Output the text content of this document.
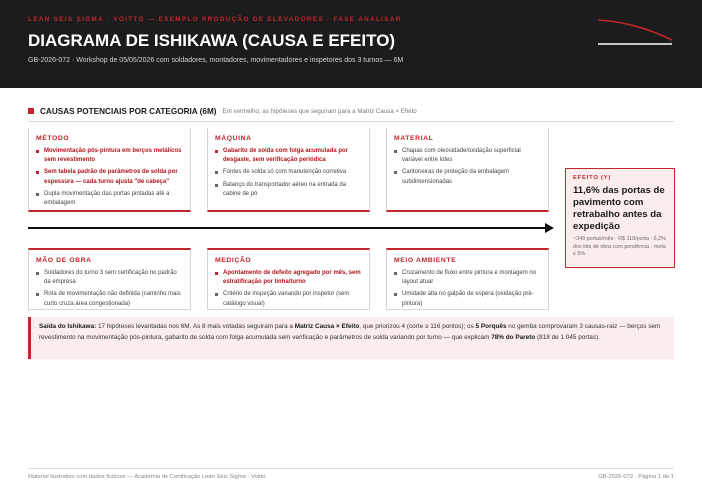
LEAN SEIS SIGMA · VOITTO — EXEMPLO PRODUÇÃO DE ELEVADORES · FASE ANALISAR
DIAGRAMA DE ISHIKAWA (CAUSA E EFEITO)
GB-2026-072 · Workshop de 05/05/2026 com soldadores, montadores, movimentadores e inspetores dos 3 turnos — 6M
CAUSAS POTENCIAIS POR CATEGORIA (6M) Em vermelho, as hipóteses que seguiram para a Matriz Causa × Efeito
MÉTODO
Movimentação pós-pintura em berços metálicos sem revestimento
Sem tabela padrão de parâmetros de solda por espessura — cada turno ajusta "de cabeça"
Dupla movimentação das portas pintadas até a embalagem
MÁQUINA
Gabarito de solda com folga acumulada por desgaste, sem verificação periódica
Fontes de solda só com manutenção corretiva
Balanço do transportador aéreo na entrada da cabine de pó
MATERIAL
Chapas com oleosidade/oxidação superficial variável entre lotes
Cantoneiras de proteção da embalagem subdimensionadas
EFEITO (Y)
11,6% das portas de pavimento com retrabalho antes da expedição
~349 portas/mês · R$ 118/porta · 6,2% dos kits de obra com pendência · meta ≤ 5%
MÃO DE OBRA
Soldadores do turno 3 sem certificação no padrão da empresa
Rota de movimentação não definida (caminho mais curto cruza área congestionada)
MEDIÇÃO
Apontamento de defeito agregado por mês, sem estratificação por linha/turno
Critério de inspeção variando por inspetor (sem catálogo visual)
MEIO AMBIENTE
Cruzamento de fluxo entre pintura e montagem no layout atual
Umidade alta no galpão de espera (oxidação pré-pintura)
Saída do Ishikawa: 17 hipóteses levantadas nos 6M. As 8 mais votadas seguiram para a Matriz Causa × Efeito, que priorizou 4 (corte ≥ 116 pontos); os 5 Porquês no gemba comprovaram 3 causas-raiz — berços sem revestimento na movimentação pós-pintura, gabarito de solda com folga acumulada sem verificação e parâmetros de solda variando por turno — que explicam 78% do Pareto (818 de 1.045 portas).
Material ilustrativo com dados fictícios — Academia de Certificação Lean Seis Sigma · Voitto	GB-2026-072 · Página 1 de 1
